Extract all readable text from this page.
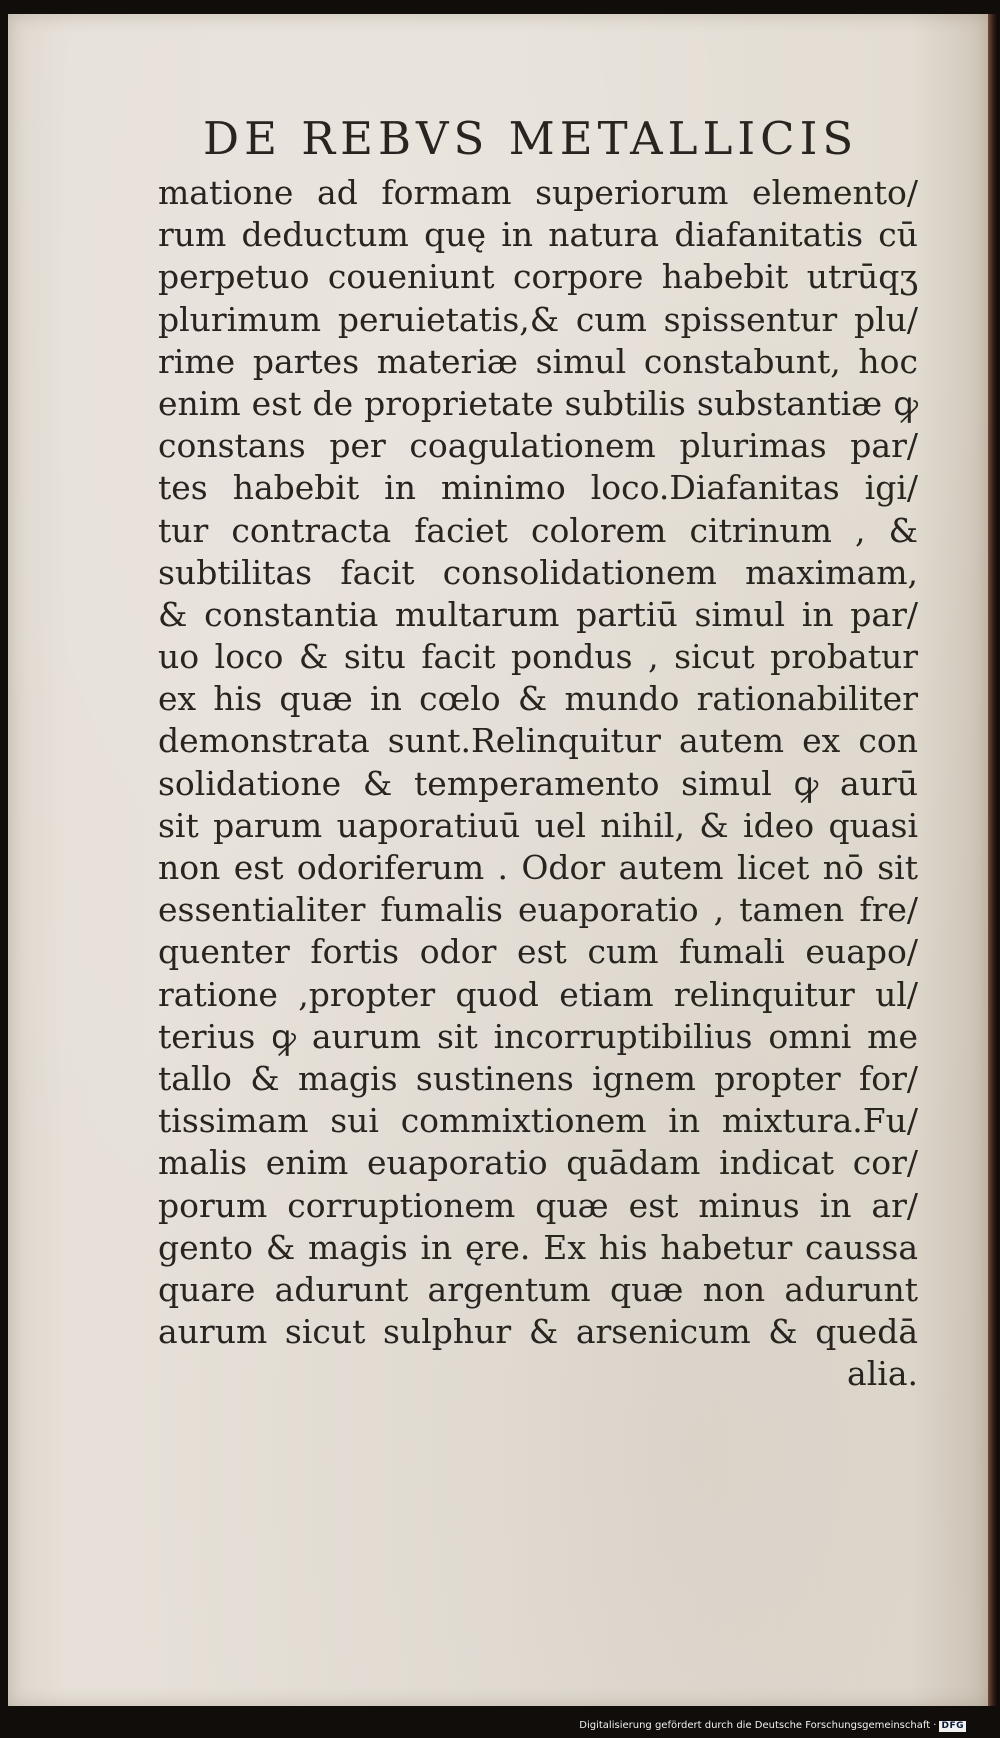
DE REBVS METALLICIS
matione ad formam superiorum elemento/
rum deductum quę in natura diafanitatis cū
perpetuo coueniunt corpore habebit utrūqʒ
plurimum peruietatis,& cum spissentur plu/
rime partes materiæ simul constabunt, hoc
enim est de proprietate subtilis substantiæ ꝙ
constans per coagulationem plurimas par/
tes habebit in minimo loco.Diafanitas igi/
tur contracta faciet colorem citrinum , &
subtilitas facit consolidationem maximam,
& constantia multarum partiū simul in par/
uo loco & situ facit pondus , sicut probatur
ex his quæ in cœlo & mundo rationabiliter
demonstrata sunt.Relinquitur autem ex con
solidatione & temperamento simul ꝙ aurū
sit parum uaporatiuū uel nihil, & ideo quasi
non est odoriferum . Odor autem licet nō sit
essentialiter fumalis euaporatio , tamen fre/
quenter fortis odor est cum fumali euapo/
ratione ,propter quod etiam relinquitur ul/
terius ꝙ aurum sit incorruptibilius omni me
tallo & magis sustinens ignem propter for/
tissimam sui commixtionem in mixtura.Fu/
malis enim euaporatio quādam indicat cor/
porum corruptionem quæ est minus in ar/
gento & magis in ęre. Ex his habetur caussa
quare adurunt argentum quæ non adurunt
aurum sicut sulphur & arsenicum & quedā
alia.
Digitalisierung gefördert durch die Deutsche Forschungsgemeinschaft · DFG
